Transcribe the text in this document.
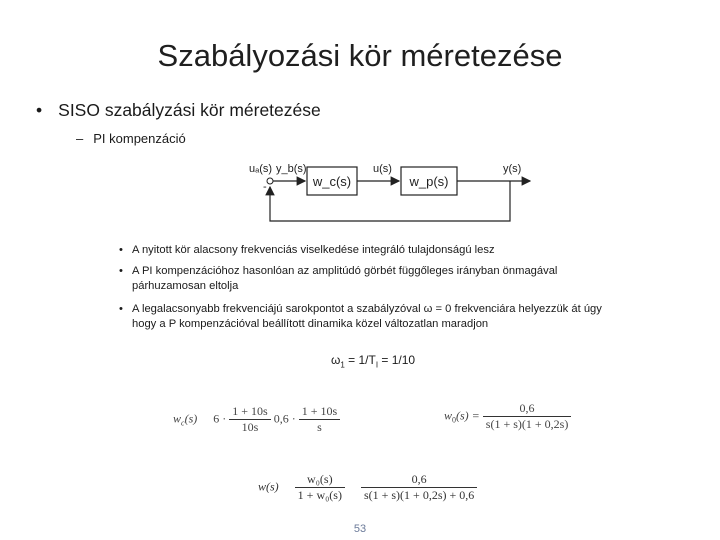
Szabályozási kör méretezése
• SISO szabályzási kör méretezése
– PI kompenzáció
uₐ(s)
-
y_b(s)
w_c(s)
u(s)
w_p(s)
y(s)
• A nyitott kör alacsony frekvenciás viselkedése integráló tulajdonságú lesz
• A PI kompenzációhoz hasonlóan az amplitúdó görbét függőleges irányban önmagával
párhuzamosan eltolja
• A legalacsonyabb frekvenciájú sarokpontot a szabályzóval ω = 0 frekvenciára helyezzük át úgy
hogy a P kompenzációval beállított dinamika közel változatlan maradjon
$\omega_1 = 1/T_I = 1/10$
$w_c(s) 6 \cdot \frac{1 + 10s}{10s} 0,6 \cdot \frac{1 + 10s}{s}$	$w_0(s) = \frac{0,6}{s(1 + s)(1 + 0,2s)}$
$w(s) \frac{\text{w₀(s)}}{\text{1 + w₀(s)}}$
$\frac{0,6}{s(1 + s)(1 + 0,2s) + 0,6}$
53
